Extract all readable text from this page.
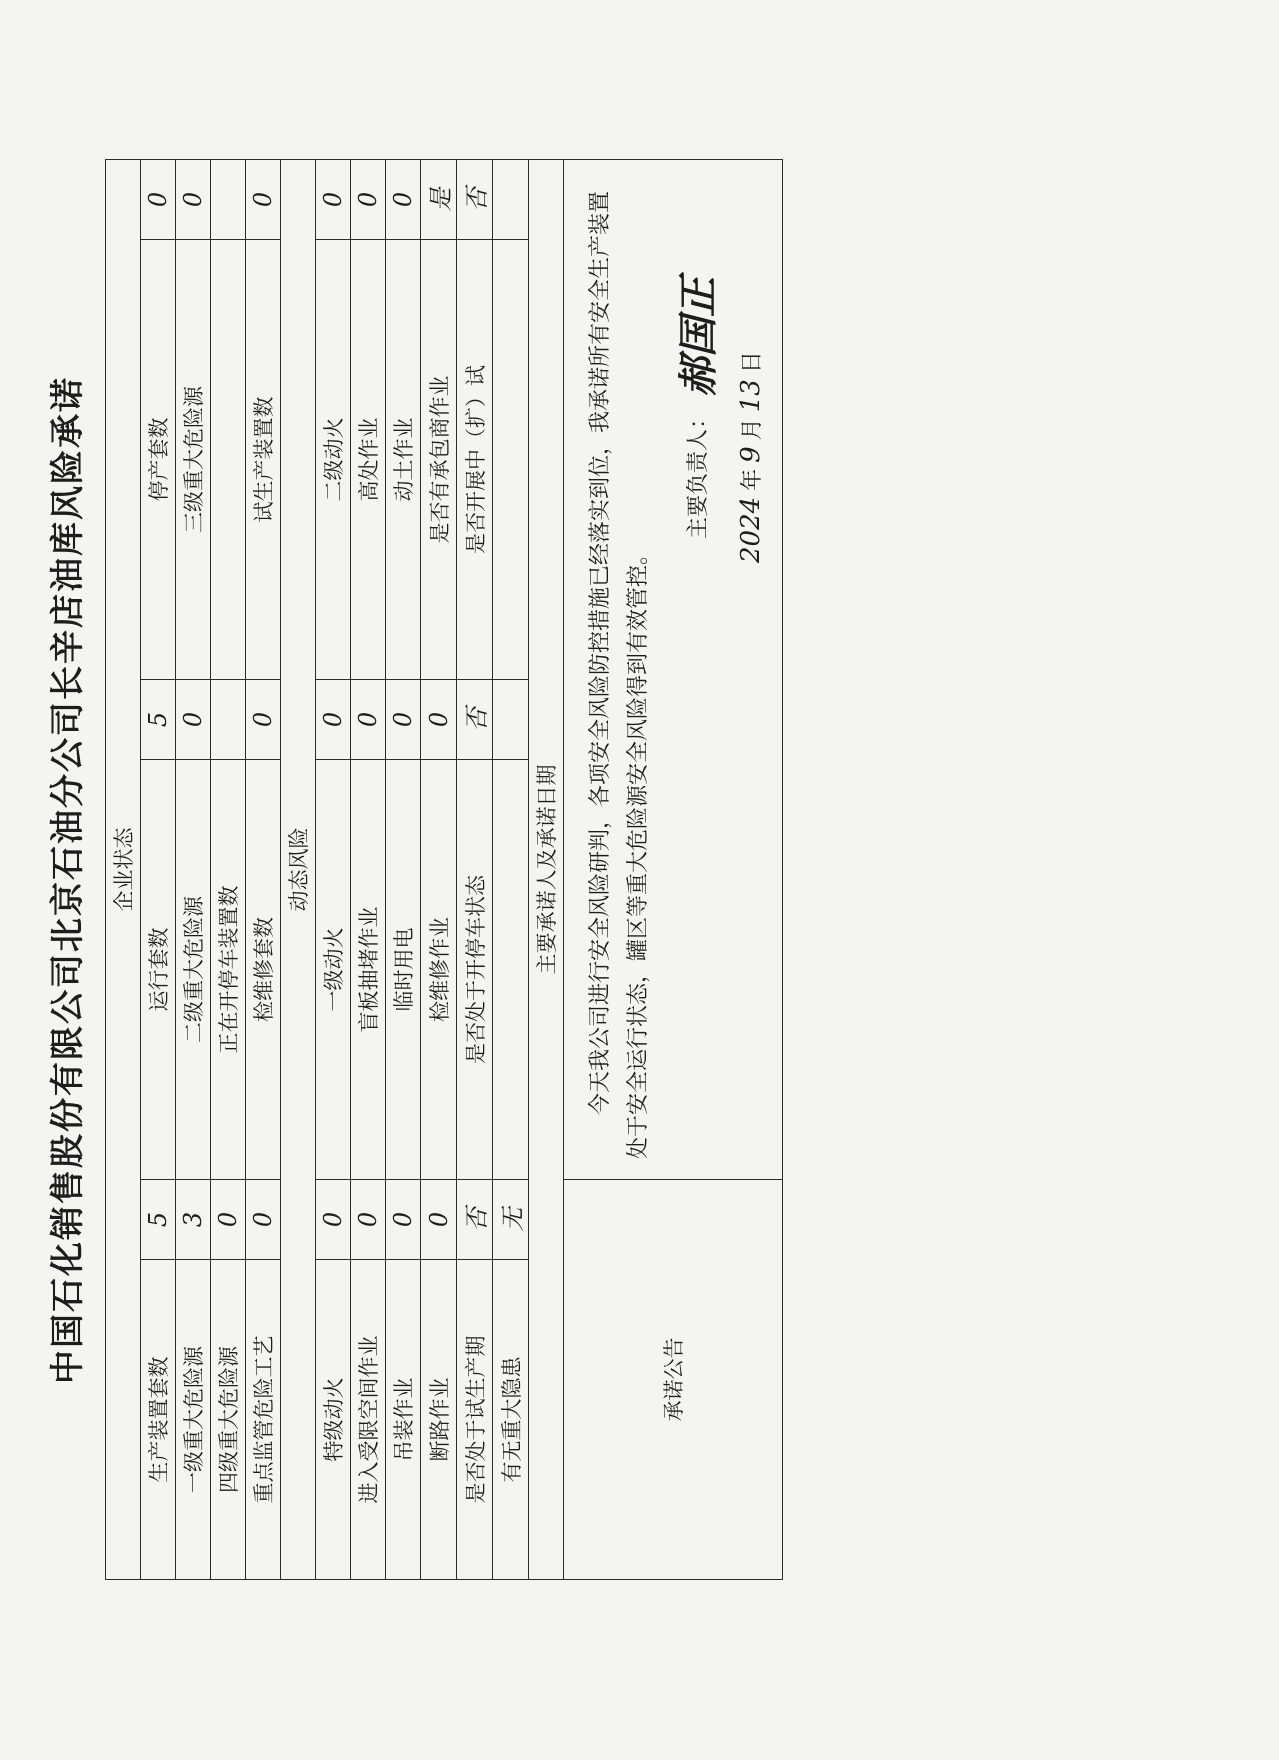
中国石化销售股份有限公司北京石油分公司长辛店油库风险承诺 企业状态					
生产装置套数	5	运行套数	5	停产套数	0
一级重大危险源	3	二级重大危险源	0	三级重大危险源	0
四级重大危险源	0	正在开停车装置数			
重点监管危险工艺	0	检维修套数	0	试生产装置数	0
动态风险					
特级动火	0	一级动火	0	二级动火	0
进入受限空间作业	0	盲板抽堵作业	0	高处作业	0
吊装作业	0	临时用电	0	动土作业	0
断路作业	0	检维修作业	0	是否有承包商作业	是
是否处于试生产期	否	是否处于开停车状态	否	是否开展中（扩）试	否
有无重大隐患	无				
主要承诺人及承诺日期					
承诺公告		今天我公司进行安全风险研判，各项安全风险防控措施已经落实到位，我承诺所有安全生产装置处于安全运行状态，罐区等重大危险源安全风险得到有效管控。
主要负责人：郝国正
2024年9月13日			
